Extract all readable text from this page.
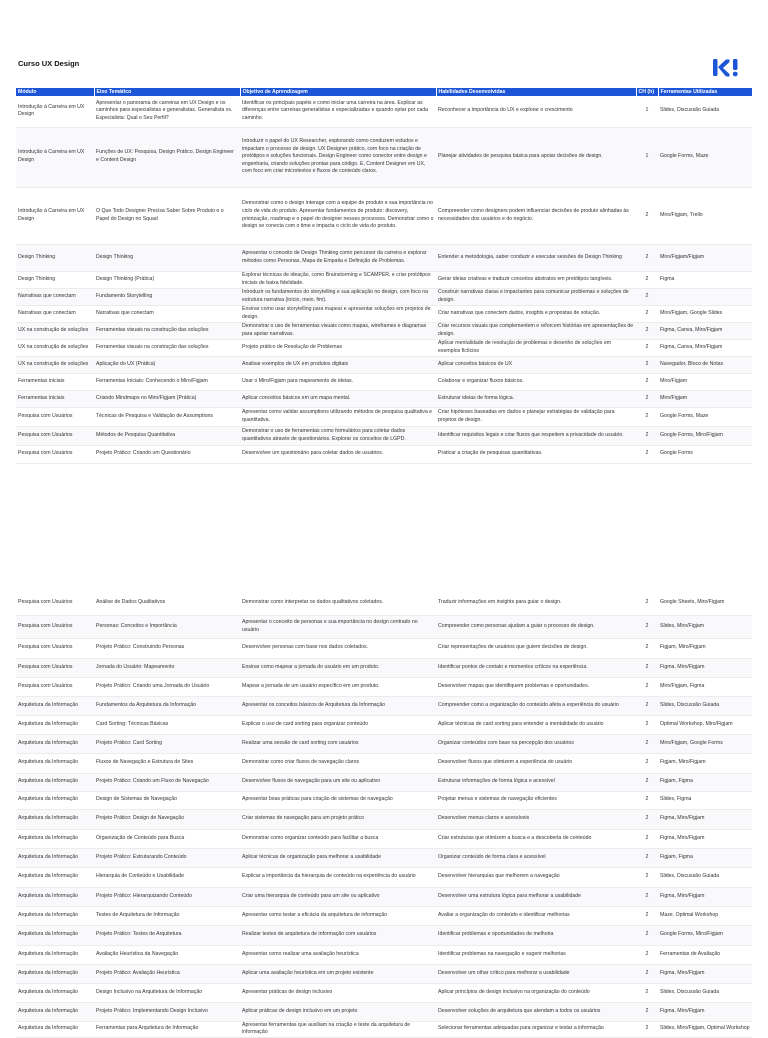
Curso UX Design
Módulo	Eixo Temático	Objetivo de Aprendizagem	Habilidades Desenvolvidas	CH (h)	Ferramentas Utilizadas
Introdução à Carreira em UX Design	Apresentar o panorama de carreiras em UX Design e os caminhos para especialistas e generalistas. Generalista vs. Especialista: Qual o Seu Perfil?	Identificar os principais papéis e como iniciar uma carreira na área. Explicar as diferenças entre carreiras generalistas e especializadas e quando optar por cada caminho.	Reconhecer a importância do UX e explorar o crescimento	1	Slides, Discussão Guiada
Introdução à Carreira em UX Design	Funções de UX: Pesquisa, Design Prático, Design Engineer e Content Design	Introduzir o papel do UX Researcher, explorando como conduzem estudos e impactam o processo de design. UX Designer prático, com foco na criação de protótipos e soluções funcionais. Design Engineer como conector entre design e engenharia, criando soluções prontas para código. E, Content Designer em UX, com foco em criar microtextos e fluxos de conteúdo claros.	Planejar atividades de pesquisa básica para apoiar decisões de design.	1	Google Forms, Maze
Introdução à Carreira em UX Design	O Que Todo Designer Precisa Saber Sobre Produto e o Papel do Design no Squad	Demonstrar como o design interage com a equipe de produto e sua importância no ciclo de vida do produto. Apresentar fundamentos de produto: discovery, priorização, roadmap e o papel do designer nesses processos. Demonstrar como o design se conecta com o time e impacta o ciclo de vida do produto.	Compreender como designers podem influenciar decisões de produto alinhadas às necessidades dos usuários e do negócio.	2	Miro/Figjam, Trello
Design Thinking	Design Thinking	Apresentar o conceito de Design Thinking como percursor da carreira e explorar métodos como Personas, Mapa de Empatia e Definição de Problemas.	Entender a metodologia, saber conduzir e executar sessões de Design Thinking	2	Miro/Figjam/Figjam
Design Thinking	Design Thinking (Prática)	Explorar técnicas de ideação, como Brainstorming e SCAMPER, e criar protótipos iniciais de baixa fidelidade.	Gerar ideias criativas e traduzir conceitos abstratos em protótipos tangíveis.	2	Figma
Narrativas que conectam	Fundamento Storytelling	Introduzir os fundamentos do storytelling e sua aplicação no design, com foco na estrutura narrativa (início, meio, fim).	Construir narrativas claras e impactantes para comunicar problemas e soluções de design.	2	
Narrativas que conectam	Narrativas que conectam	Ensinar como usar storytelling para mapear e apresentar soluções em projetos de design.	Criar narrativas que conectem dados, insights e propostas de solução.	2	Miro/Figjam, Google Slides
UX na construção de soluções	Ferramentas visuais na construção das soluções	Demonstrar o uso de ferramentas visuais como mapas, wireframes e diagramas para apoiar narrativas.	Criar recursos visuais que complementem e reforcem histórias em apresentações de design.	2	Figma, Canva, Miro/Figjam
UX na construção de soluções	Ferramentas visuais na construção das soluções	Projeto prático de Resolução de Problemas	Aplicar mentalidade de resolução de problemas e desenho de soluções em exemplos fictícios	2	Figma, Canva, Miro/Figjam
UX na construção de soluções	Aplicação do UX (Prática)	Analisar exemplos de UX em produtos digitais	Aplicar conceitos básicos de UX	2	Navegador, Bloco de Notas
Ferramentas iniciais	Ferramentas Iniciais: Conhecendo o Miro/Figjam	Usar o Miro/Figjam para mapeamento de ideias.	Colaborar e organizar fluxos básicos.	2	Miro/Figjam
Ferramentas iniciais	Criando Mindmaps no Miro/Figjam (Prática)	Aplicar conceitos básicos em um mapa mental.	Estruturar ideias de forma lógica.	2	Miro/Figjam
Pesquisa com Usuários	Técnicas de Pesquisa e Validação de Assumptions	Apresentar como validar assumptions utilizando métodos de pesquisa qualitativa e quantitativa.	Criar hipóteses baseadas em dados e planejar estratégias de validação para projetos de design.	2	Google Forms, Maze
Pesquisa com Usuários	Métodos de Pesquisa Quantitativa	Demonstrar o uso de ferramentas como formulários para coletar dados quantitativos através de questionários. Explorar os conceitos de LGPD.	Identificar requisitos legais e criar fluxos que respeitem a privacidade do usuário.	2	Google Forms, Miro/Figjam
Pesquisa com Usuários	Projeto Prático: Criando um Questionário	Desenvolver um questionário para coletar dados de usuários.	Praticar a criação de pesquisas quantitativas.	2	Google Forms
Pesquisa com Usuários	Análise de Dados Qualitativos	Demonstrar como interpretar os dados qualitativos coletados.	Traduzir informações em insights para guiar o design.	2	Google Sheets, Miro/Figjam
Pesquisa com Usuários	Personas: Conceitos e Importância	Apresentar o conceito de personas e sua importância no design centrado no usuário	Compreender como personas ajudam a guiar o processo de design.	2	Slides, Miro/Figjam
Pesquisa com Usuários	Projeto Prático: Construindo Personas	Desenvolver personas com base nos dados coletados.	Criar representações de usuários que guiem decisões de design.	2	Figjam, Miro/Figjam
Pesquisa com Usuários	Jornada do Usuário: Mapeamento	Ensinar como mapear a jornada do usuário em um produto.	Identificar pontos de contato e momentos críticos na experiência.	2	Figma, Miro/Figjam
Pesquisa com Usuários	Projeto Prático: Criando uma Jornada do Usuário	Mapear a jornada de um usuário específico em um produto.	Desenvolver mapas que identifiquem problemas e oportunidades.	2	Miro/Figjam, Figma
Arquitetura da Informação	Fundamentos da Arquitetura da Informação	Apresentar os conceitos básicos de Arquitetura da Informação	Compreender como a organização do conteúdo afeta a experiência do usuário	2	Slides, Discussão Guiada
Arquitetura da Informação	Card Sorting: Técnicas Básicas	Explicar o uso de card sorting para organizar conteúdo	Aplicar técnicas de card sorting para entender a mentalidade do usuário	2	Optimal Workshop, Miro/Figjam
Arquitetura da Informação	Projeto Prático: Card Sorting	Realizar uma sessão de card sorting com usuários	Organizar conteúdos com base na percepção dos usuários	2	Miro/Figjam, Google Forms
Arquitetura da Informação	Fluxos de Navegação e Estrutura de Sites	Demonstrar como criar fluxos de navegação claros	Desenvolver fluxos que otimizem a experiência do usuário	2	Figjam, Miro/Figjam
Arquitetura da Informação	Projeto Prático: Criando um Fluxo de Navegação	Desenvolver fluxos de navegação para um site ou aplicativo	Estruturar informações de forma lógica e acessível	2	Figjam, Figma
Arquitetura da Informação	Design de Sistemas de Navegação	Apresentar boas práticas para criação de sistemas de navegação	Projetar menus e sistemas de navegação eficientes	2	Slides, Figma
Arquitetura da Informação	Projeto Prático: Design de Navegação	Criar sistemas de navegação para um projeto prático	Desenvolver menus claros e acessíveis	2	Figma, Miro/Figjam
Arquitetura da Informação	Organização de Conteúdo para Busca	Demonstrar como organizar conteúdo para facilitar a busca	Criar estruturas que otimizem a busca e a descoberta de conteúdo	2	Figma, Miro/Figjam
Arquitetura da Informação	Projeto Prático: Estruturando Conteúdo	Aplicar técnicas de organização para melhorar a usabilidade	Organizar conteúdo de forma clara e acessível	2	Figjam, Figma
Arquitetura da Informação	Hierarquia de Conteúdo e Usabilidade	Explicar a importância da hierarquia de conteúdo na experiência do usuário	Desenvolver hierarquias que melhorem a navegação	2	Slides, Discussão Guiada
Arquitetura da Informação	Projeto Prático: Hierarquizando Conteúdo	Criar uma hierarquia de conteúdo para um site ou aplicativo	Desenvolver uma estrutura lógica para melhorar a usabilidade	2	Figma, Miro/Figjam
Arquitetura da Informação	Testes de Arquitetura de Informação	Apresentar como testar a eficácia da arquitetura de informação	Avaliar a organização do conteúdo e identificar melhorias	2	Maze, Optimal Workshop
Arquitetura da Informação	Projeto Prático: Testes de Arquitetura	Realizar testes de arquitetura de informação com usuários	Identificar problemas e oportunidades de melhoria	2	Google Forms, Miro/Figjam
Arquitetura da Informação	Avaliação Heurística da Navegação	Apresentar como realizar uma avaliação heurística	Identificar problemas na navegação e sugerir melhorias	2	Ferramentas de Avaliação
Arquitetura da Informação	Projeto Prático: Avaliação Heurística	Aplicar uma avaliação heurística em um projeto existente	Desenvolver um olhar crítico para melhorar a usabilidade	2	Figma, Miro/Figjam
Arquitetura da Informação	Design Inclusivo na Arquitetura de Informação	Apresentar práticas de design inclusivo	Aplicar princípios de design inclusivo na organização do conteúdo	2	Slides, Discussão Guiada
Arquitetura da Informação	Projeto Prático: Implementando Design Inclusivo	Aplicar práticas de design inclusivo em um projeto	Desenvolver soluções de arquitetura que atendam a todos os usuários	2	Figma, Miro/Figjam
Arquitetura da Informação	Ferramentas para Arquitetura de Informação	Apresentar ferramentas que auxiliam na criação e teste da arquitetura de informação	Selecionar ferramentas adequadas para organizar e testar a informação	2	Slides, Miro/Figjam, Optimal Workshop
